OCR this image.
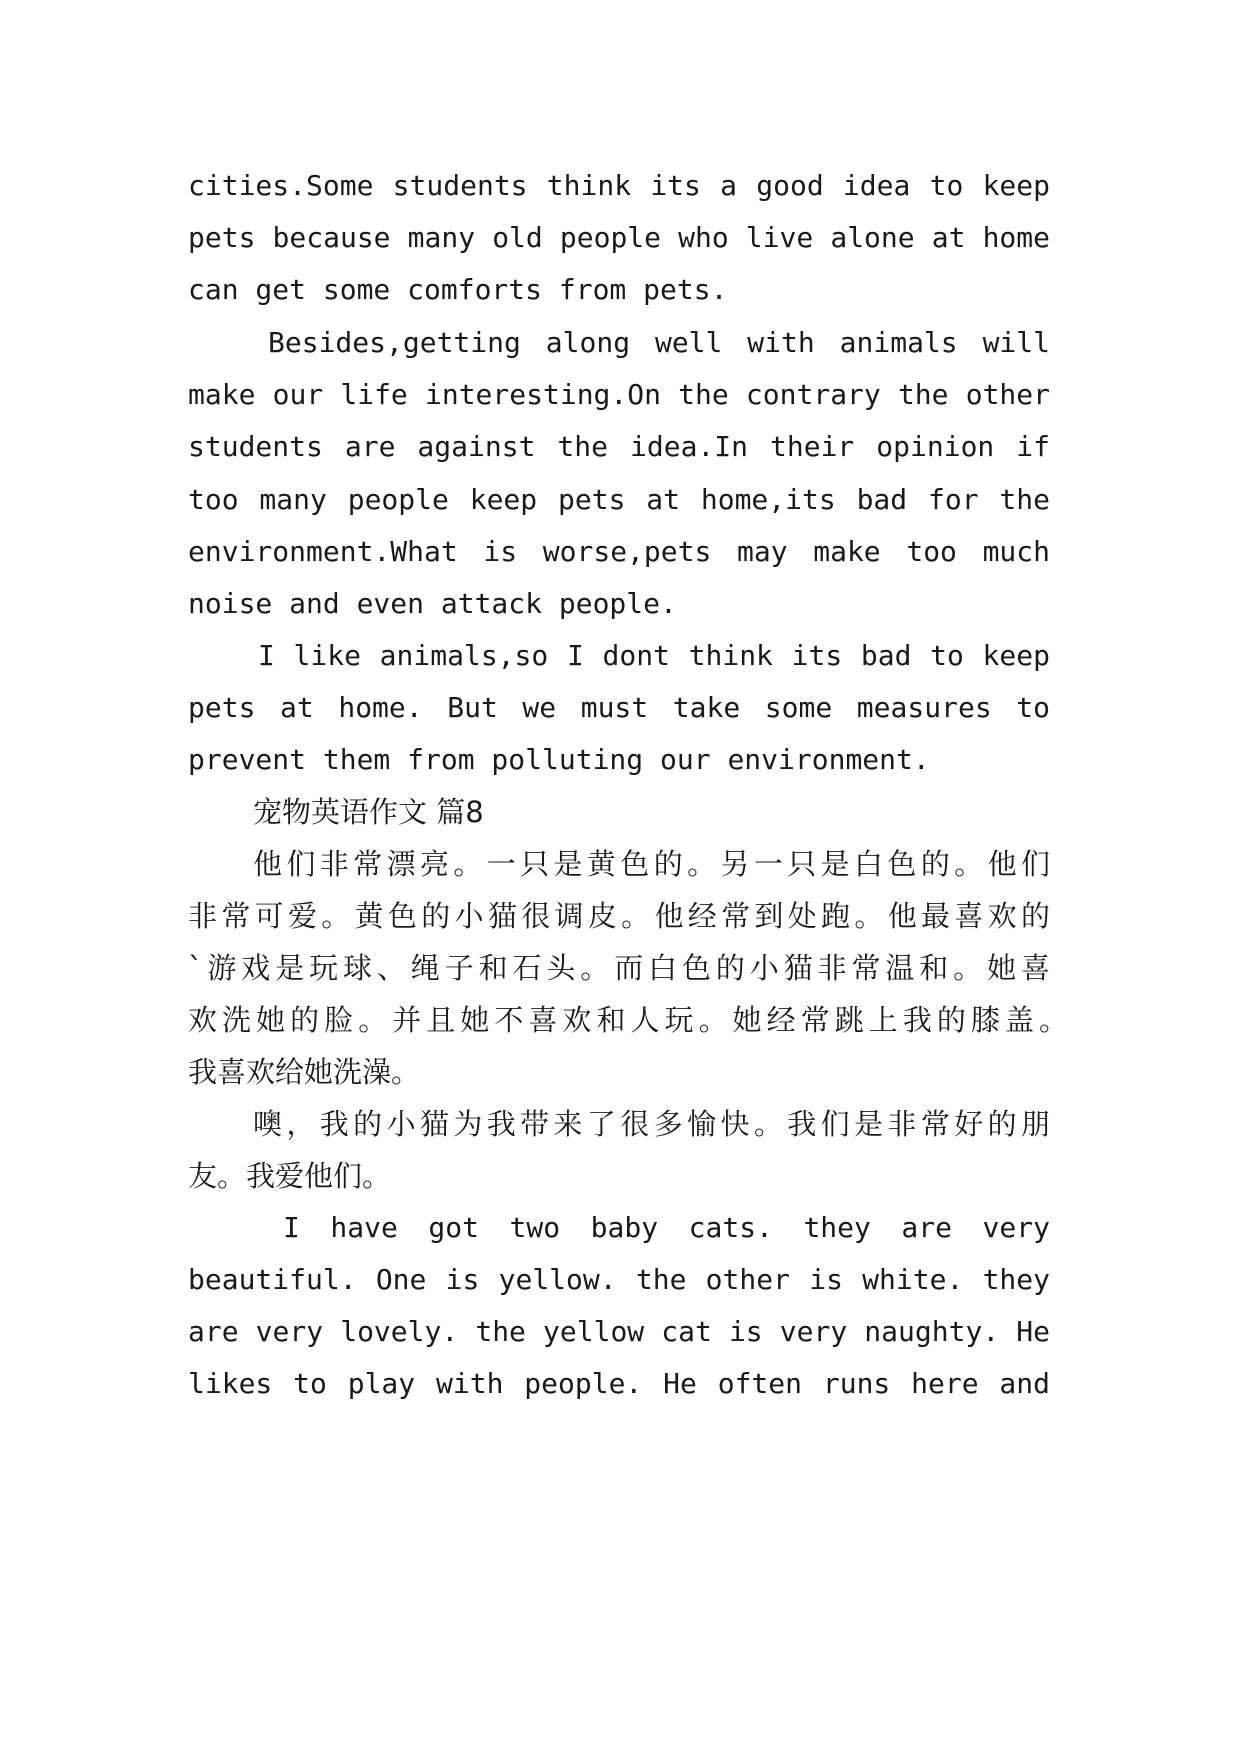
cities.Some students think its a good idea to keep
pets because many old people who live alone at home
can get some comforts from pets.
Besides,getting along well with animals will
make our life interesting.On the contrary the other
students are against the idea.In their opinion if
too many people keep pets at home,its bad for the
environment.What is worse,pets may make too much
noise and even attack people.
I like animals,so I dont think its bad to keep
pets at home. But we must take some measures to
prevent them from polluting our environment.
宠物英语作文 篇8
他们非常漂亮。一只是黄色的。另一只是白色的。他们
非常可爱。黄色的小猫很调皮。他经常到处跑。他最喜欢的
`游戏是玩球、绳子和石头。而白色的小猫非常温和。她喜
欢洗她的脸。并且她不喜欢和人玩。她经常跳上我的膝盖。
我喜欢给她洗澡。
噢，我的小猫为我带来了很多愉快。我们是非常好的朋
友。我爱他们。
I have got two baby cats. they are very
beautiful. One is yellow. the other is white. they
are very lovely. the yellow cat is very naughty. He
likes to play with people. He often runs here and
